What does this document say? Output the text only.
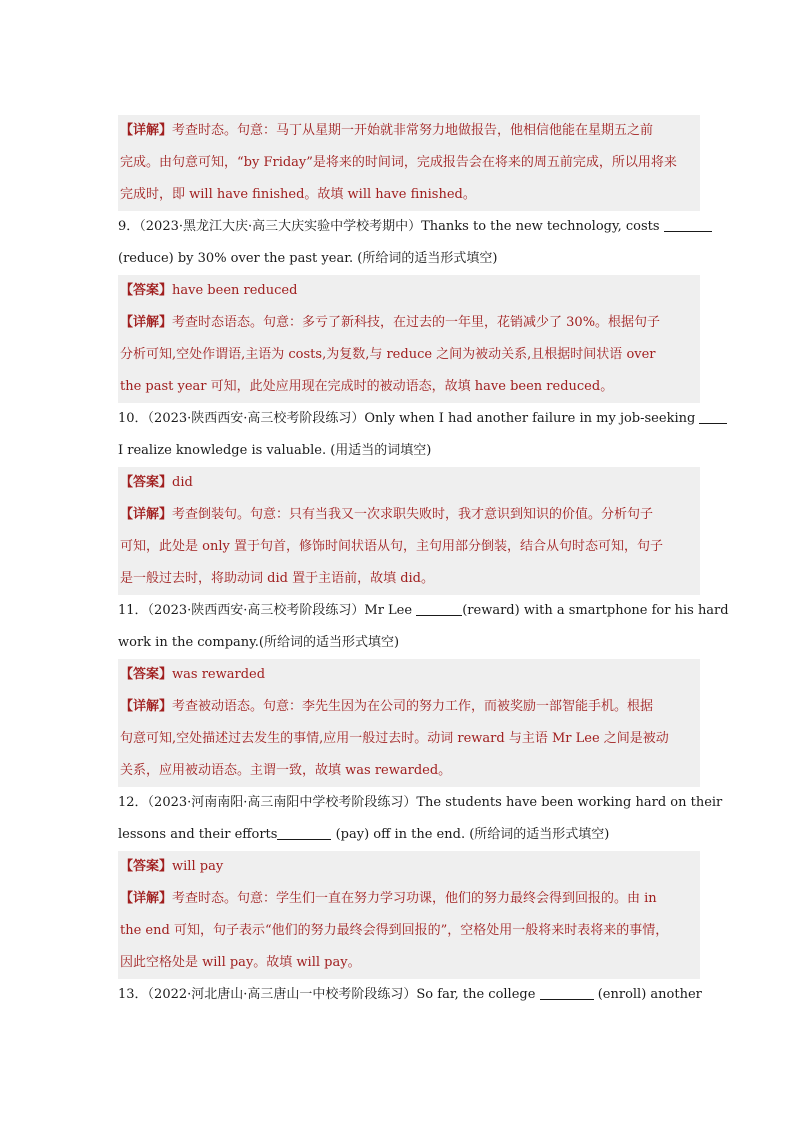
【详解】考查时态。句意：马丁从星期一开始就非常努力地做报告，他相信他能在星期五之前
完成。由句意可知，“by Friday”是将来的时间词，完成报告会在将来的周五前完成，所以用将来
完成时，即 will have finished。故填 will have finished。
9．（2023·黑龙江大庆·高三大庆实验中学校考期中）Thanks to the new technology, costs
(reduce) by 30% over the past year. (所给词的适当形式填空)
【答案】have been reduced
【详解】考查时态语态。句意：多亏了新科技，在过去的一年里，花销减少了 30%。根据句子
分析可知,空处作谓语,主语为 costs,为复数,与 reduce 之间为被动关系,且根据时间状语 over
the past year 可知，此处应用现在完成时的被动语态，故填 have been reduced。
10．（2023·陕西西安·高三校考阶段练习）Only when I had another failure in my job-seeking
I realize knowledge is valuable. (用适当的词填空)
【答案】did
【详解】考查倒装句。句意：只有当我又一次求职失败时，我才意识到知识的价值。分析句子
可知，此处是 only 置于句首，修饰时间状语从句，主句用部分倒装，结合从句时态可知，句子
是一般过去时，将助动词 did 置于主语前，故填 did。
11．（2023·陕西西安·高三校考阶段练习）Mr Lee	(reward) with a smartphone for his hard
work in the company.(所给词的适当形式填空)
【答案】was rewarded
【详解】考查被动语态。句意：李先生因为在公司的努力工作，而被奖励一部智能手机。根据
句意可知,空处描述过去发生的事情,应用一般过去时。动词 reward 与主语 Mr Lee 之间是被动
关系，应用被动语态。主谓一致，故填 was rewarded。
12．（2023·河南南阳·高三南阳中学校考阶段练习）The students have been working hard on their
lessons and their efforts	(pay) off in the end. (所给词的适当形式填空)
【答案】will pay
【详解】考查时态。句意：学生们一直在努力学习功课，他们的努力最终会得到回报的。由 in
the end 可知，句子表示“他们的努力最终会得到回报的”，空格处用一般将来时表将来的事情，
因此空格处是 will pay。故填 will pay。
13．（2022·河北唐山·高三唐山一中校考阶段练习）So far, the college	(enroll) another
